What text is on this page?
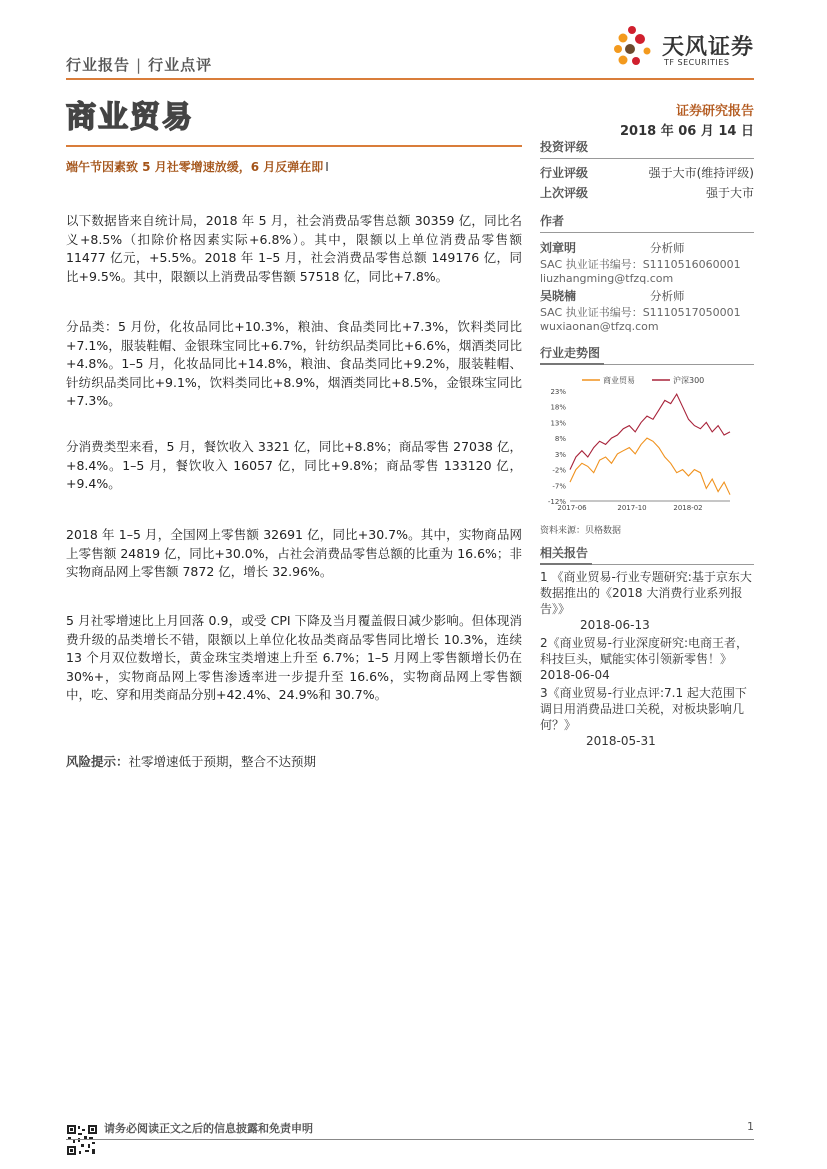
行业报告 | 行业点评
天风证券
TF SECURITIES
商业贸易	证券研究报告
2018 年 06 月 14 日
端午节因素致 5 月社零增速放缓，6 月反弹在即 I
以下数据皆来自统计局，2018 年 5 月，社会消费品零售总额 30359 亿，同比名义+8.5%（扣除价格因素实际+6.8%）。其中，限额以上单位消费品零售额 11477 亿元，+5.5%。2018 年 1–5 月，社会消费品零售总额 149176 亿，同比+9.5%。其中，限额以上消费品零售额 57518 亿，同比+7.8%。
分品类：5 月份，化妆品同比+10.3%，粮油、食品类同比+7.3%，饮料类同比+7.1%，服装鞋帽、金银珠宝同比+6.7%，针纺织品类同比+6.6%，烟酒类同比+4.8%。1–5 月，化妆品同比+14.8%，粮油、食品类同比+9.2%，服装鞋帽、针纺织品类同比+9.1%，饮料类同比+8.9%，烟酒类同比+8.5%，金银珠宝同比+7.3%。
分消费类型来看，5 月，餐饮收入 3321 亿，同比+8.8%；商品零售 27038 亿，+8.4%。1–5 月，餐饮收入 16057 亿，同比+9.8%；商品零售 133120 亿，+9.4%。
2018 年 1–5 月，全国网上零售额 32691 亿，同比+30.7%。其中，实物商品网上零售额 24819 亿，同比+30.0%，占社会消费品零售总额的比重为 16.6%；非实物商品网上零售额 7872 亿，增长 32.96%。
5 月社零增速比上月回落 0.9，或受 CPI 下降及当月覆盖假日减少影响。但体现消费升级的品类增长不错，限额以上单位化妆品类商品零售同比增长 10.3%，连续 13 个月双位数增长，黄金珠宝类增速上升至 6.7%；1–5 月网上零售额增长仍在 30%+，实物商品网上零售渗透率进一步提升至 16.6%，实物商品网上零售额中，吃、穿和用类商品分别+42.4%、24.9%和 30.7%。
风险提示：社零增速低于预期，整合不达预期
投资评级
行业评级	强于大市(维持评级)
上次评级	强于大市
作者
刘章明	分析师
SAC 执业证书编号：S1110516060001
liuzhangming@tfzq.com
吴晓楠	分析师
SAC 执业证书编号：S1110517050001
wuxiaonan@tfzq.com
行业走势图
23%
18%
13%
8%
3%
-2%
-7%
-12%
2017-06	2017-10	2018-02
商业贸易	沪深300
资料来源：贝格数据
相关报告
1 《商业贸易-行业专题研究:基于京东大数据推出的《2018 大消费行业系列报告》》
2018-06-13
2《商业贸易-行业深度研究:电商王者，科技巨头，赋能实体引领新零售！》
2018-06-04
3《商业贸易-行业点评:7.1 起大范围下调日用消费品进口关税，对板块影响几何？》
2018-05-31
请务必阅读正文之后的信息披露和免责申明	1
